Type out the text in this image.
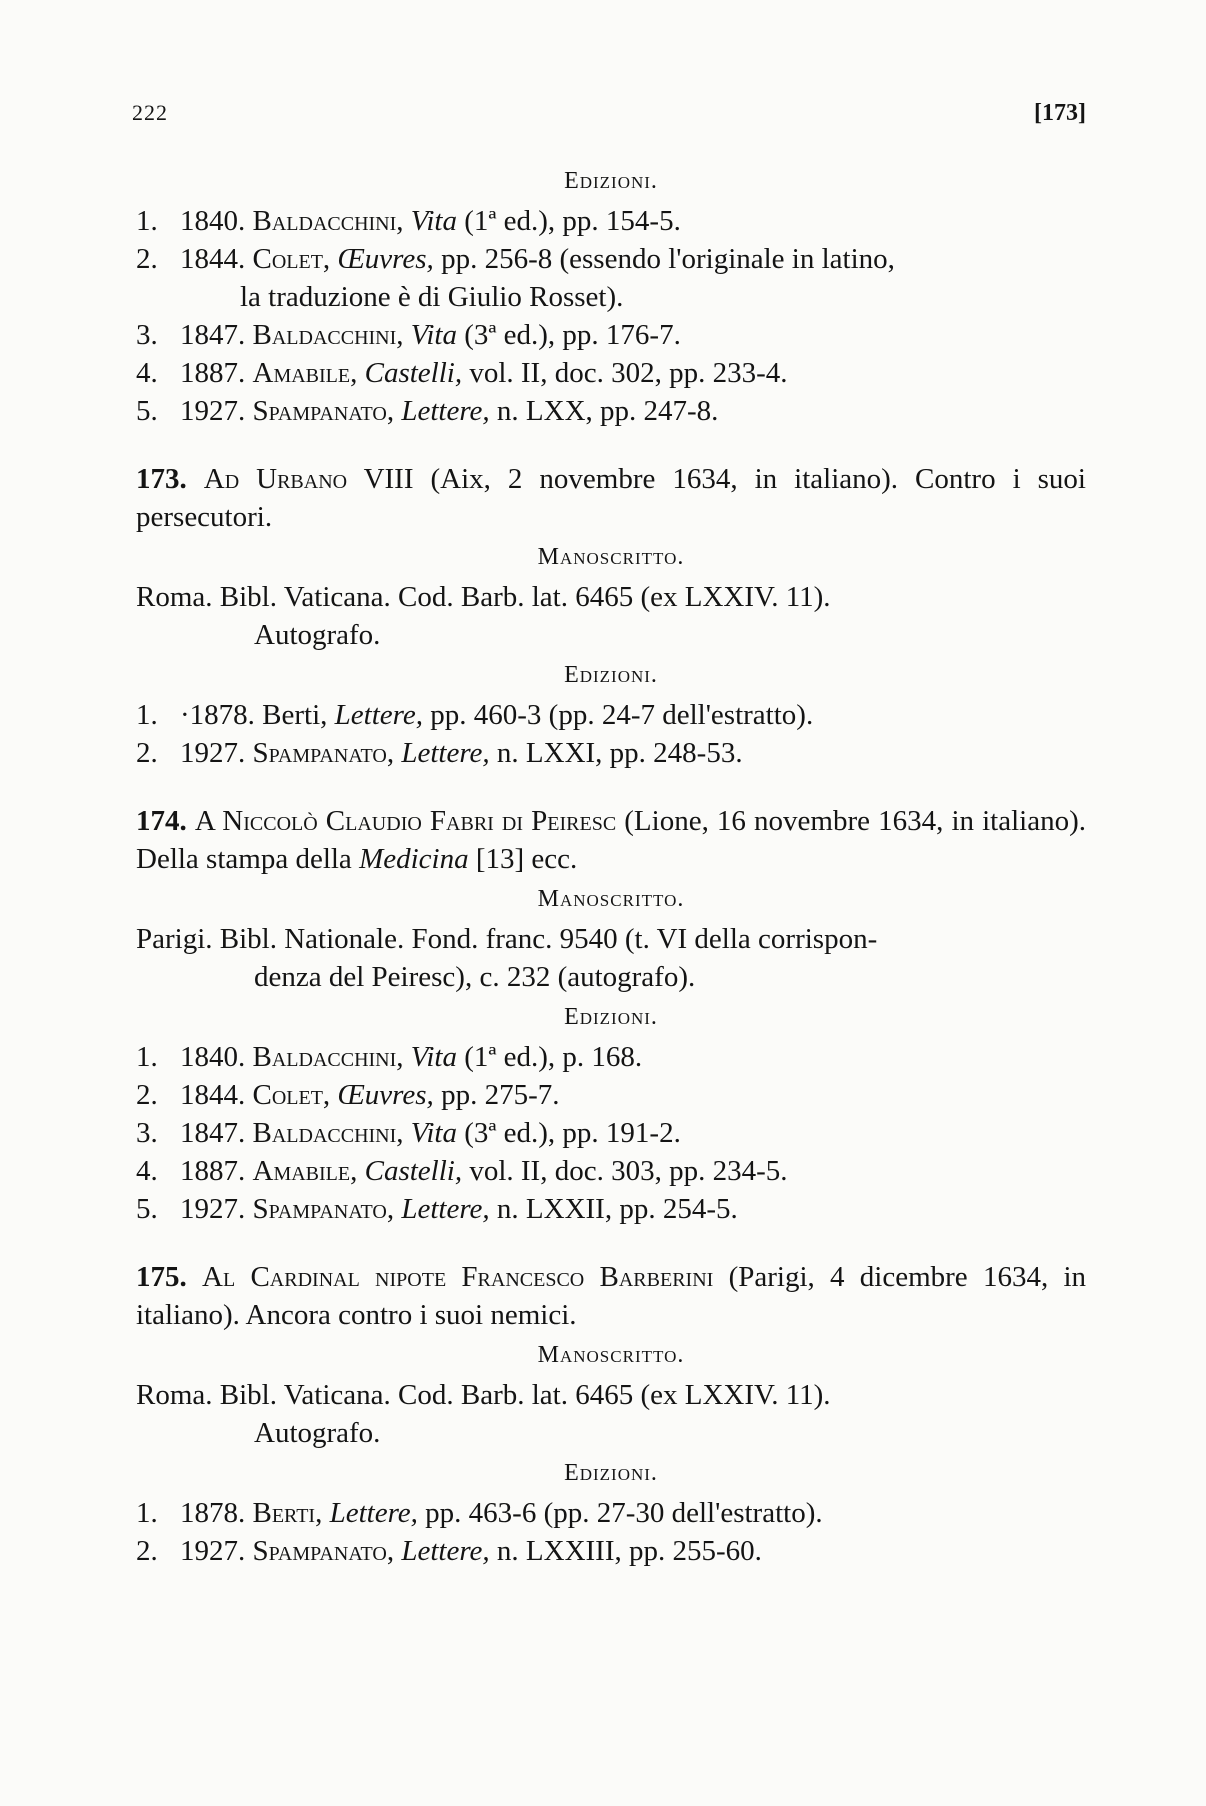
222	[173]
Edizioni.
1. 1840. Baldacchini, Vita (1ª ed.), pp. 154-5.
2. 1844. Colet, Œuvres, pp. 256-8 (essendo l'originale in latino,
la traduzione è di Giulio Rosset).
3. 1847. Baldacchini, Vita (3ª ed.), pp. 176-7.
4. 1887. Amabile, Castelli, vol. II, doc. 302, pp. 233-4.
5. 1927. Spampanato, Lettere, n. LXX, pp. 247-8.
173. Ad Urbano VIII (Aix, 2 novembre 1634, in italiano). Contro i suoi persecutori.
Manoscritto.
Roma. Bibl. Vaticana. Cod. Barb. lat. 6465 (ex LXXIV. 11).
Autografo.
Edizioni.
1. ·1878. Berti, Lettere, pp. 460-3 (pp. 24-7 dell'estratto).
2. 1927. Spampanato, Lettere, n. LXXI, pp. 248-53.
174. A Niccolò Claudio Fabri di Peiresc (Lione, 16 novembre 1634, in italiano). Della stampa della Medicina [13] ecc.
Manoscritto.
Parigi. Bibl. Nationale. Fond. franc. 9540 (t. VI della corrispon-
denza del Peiresc), c. 232 (autografo).
Edizioni.
1. 1840. Baldacchini, Vita (1ª ed.), p. 168.
2. 1844. Colet, Œuvres, pp. 275-7.
3. 1847. Baldacchini, Vita (3ª ed.), pp. 191-2.
4. 1887. Amabile, Castelli, vol. II, doc. 303, pp. 234-5.
5. 1927. Spampanato, Lettere, n. LXXII, pp. 254-5.
175. Al Cardinal nipote Francesco Barberini (Parigi, 4 dicembre 1634, in italiano). Ancora contro i suoi nemici.
Manoscritto.
Roma. Bibl. Vaticana. Cod. Barb. lat. 6465 (ex LXXIV. 11).
Autografo.
Edizioni.
1. 1878. Berti, Lettere, pp. 463-6 (pp. 27-30 dell'estratto).
2. 1927. Spampanato, Lettere, n. LXXIII, pp. 255-60.
